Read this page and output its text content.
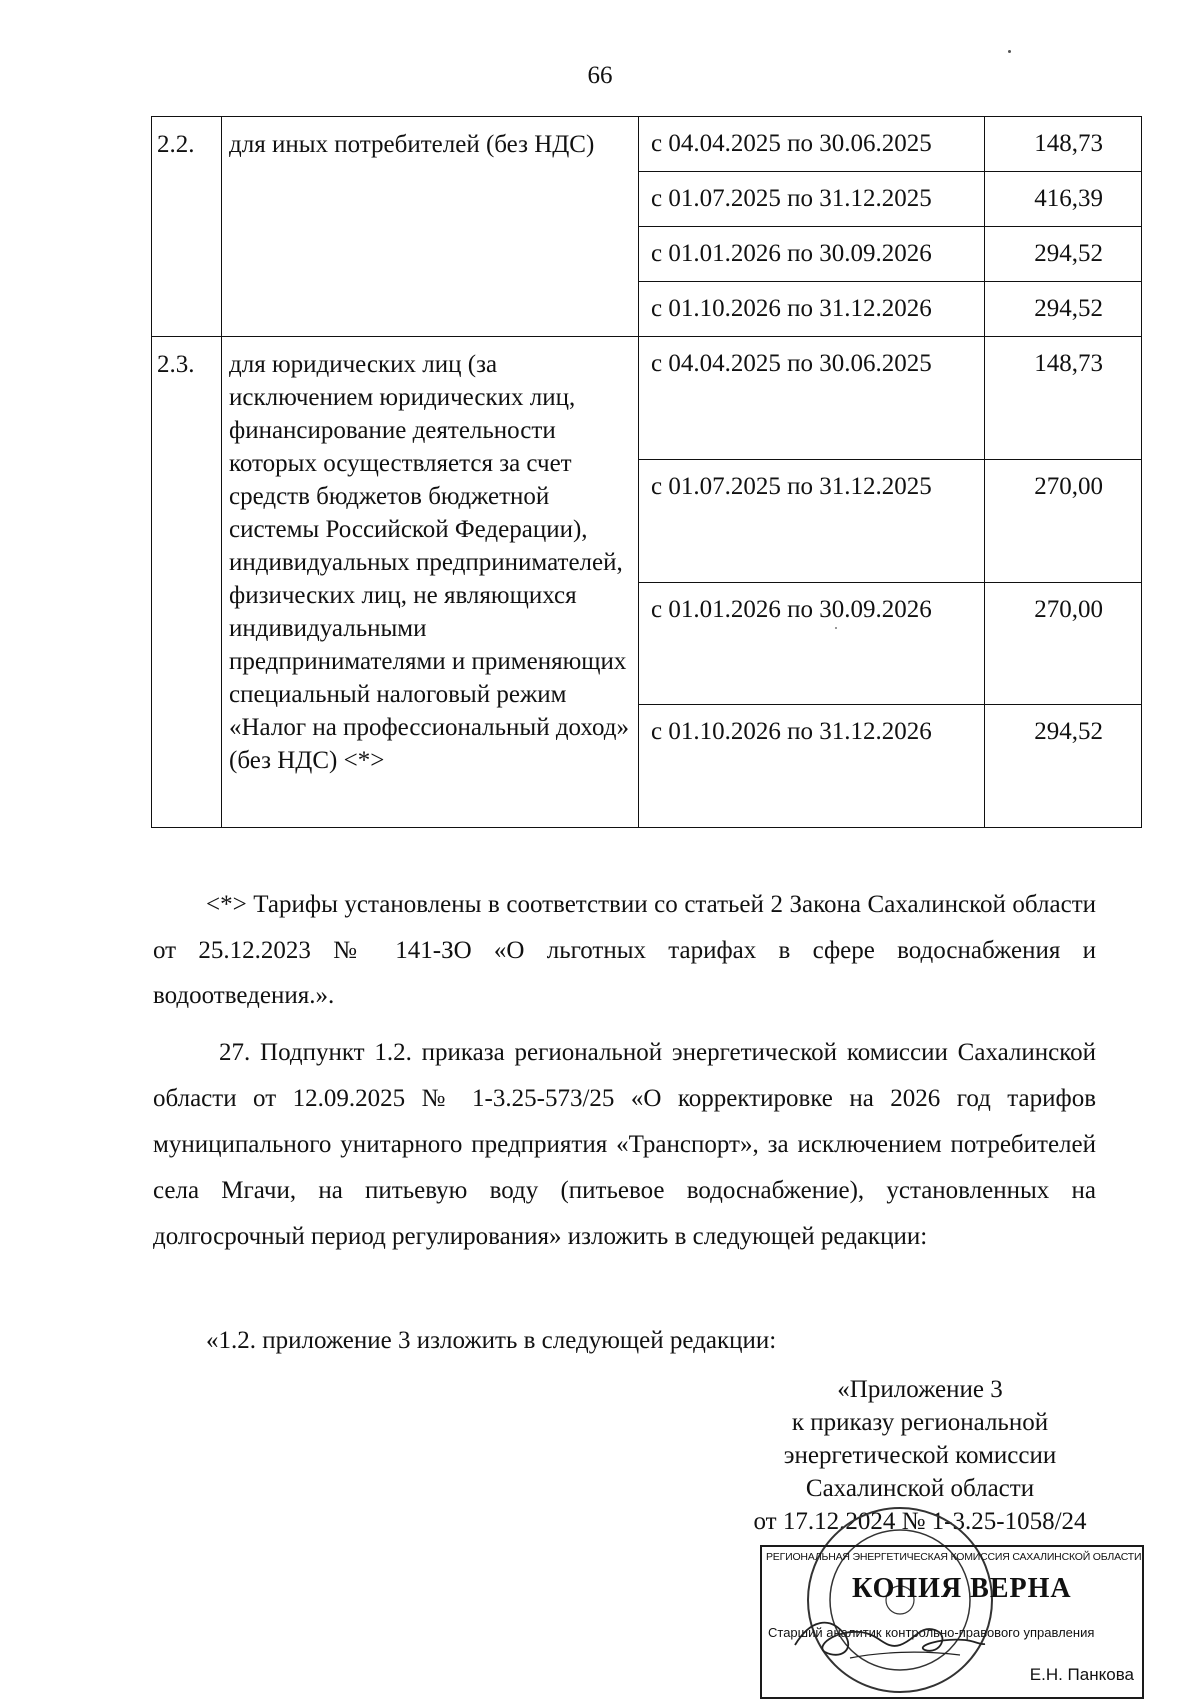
66
2.2.	для иных потребителей (без НДС)	с 04.04.2025 по 30.06.2025	148,73
		с 01.07.2025 по 31.12.2025	416,39
		с 01.01.2026 по 30.09.2026	294,52
		с 01.10.2026 по 31.12.2026	294,52
2.3.	для юридических лиц (за исключением юридических лиц, финансирование деятельности которых осуществляется за счет средств бюджетов бюджетной системы Российской Федерации), индивидуальных предпринимателей, физических лиц, не являющихся индивидуальными предпринимателями и применяющих специальный налоговый режим «Налог на профессиональный доход» (без НДС) <*>	с 04.04.2025 по 30.06.2025	148,73
		с 01.07.2025 по 31.12.2025	270,00
		с 01.01.2026 по 30.09.2026	270,00
		с 01.10.2026 по 31.12.2026	294,52

<*> Тарифы установлены в соответствии со статьей 2 Закона Сахалинской области от 25.12.2023 № 141-ЗО «О льготных тарифах в сфере водоснабжения и водоотведения.».

27. Подпункт 1.2. приказа региональной энергетической комиссии Сахалинской области от 12.09.2025 № 1-3.25-573/25 «О корректировке на 2026 год тарифов муниципального унитарного предприятия «Транспорт», за исключением потребителей села Мгачи, на питьевую воду (питьевое водоснабжение), установленных на долгосрочный период регулирования» изложить в следующей редакции:

«1.2. приложение 3 изложить в следующей редакции:

«Приложение 3
к приказу региональной
энергетической комиссии
Сахалинской области
от 17.12.2024 № 1-3.25-1058/24
РЕГИОНАЛЬНАЯ ЭНЕРГЕТИЧЕСКАЯ КОМИССИЯ САХАЛИНСКОЙ ОБЛАСТИ
КОПИЯ ВЕРНА
Старший аналитик контрольно-правового управления
Е.Н. Панкова
